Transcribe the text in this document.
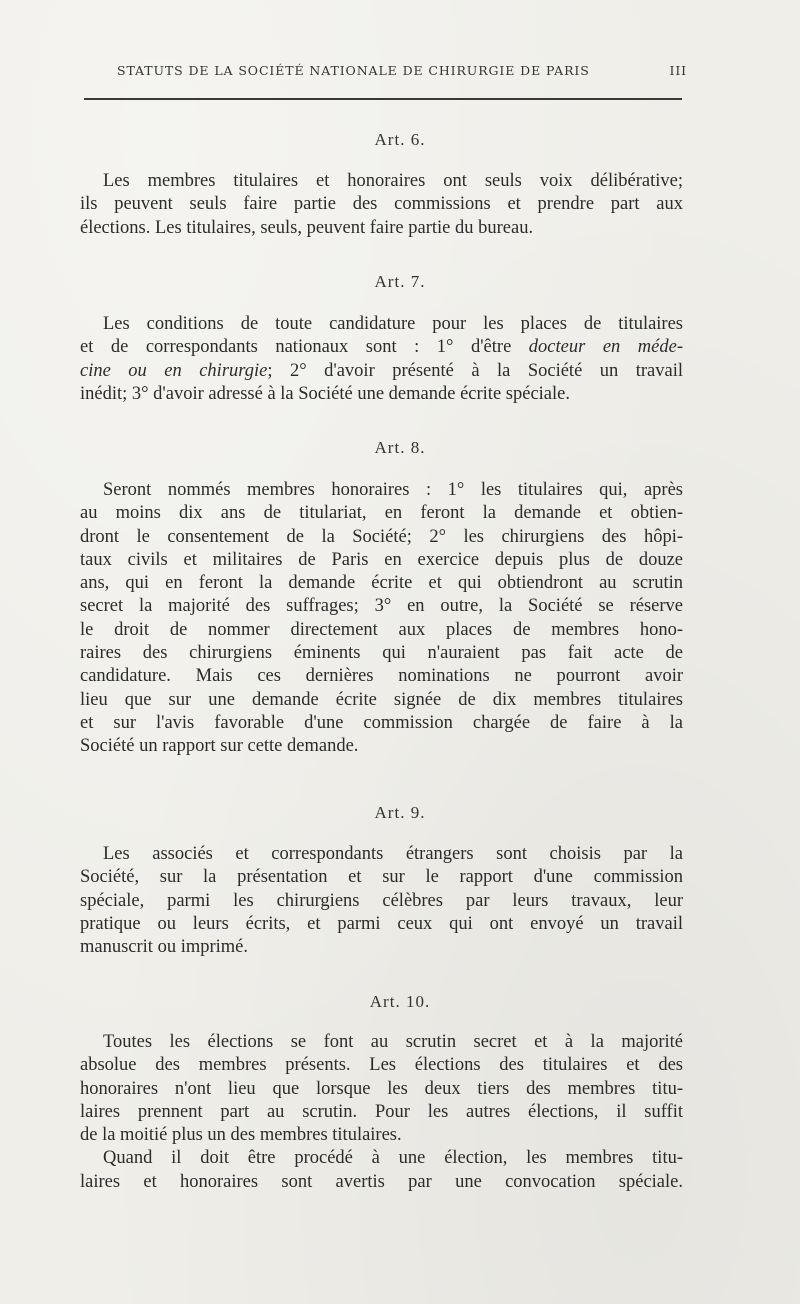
STATUTS DE LA SOCIÉTÉ NATIONALE DE CHIRURGIE DE PARIS	III
Art. 6.
Les membres titulaires et honoraires ont seuls voix délibérative;
ils peuvent seuls faire partie des commissions et prendre part aux
élections. Les titulaires, seuls, peuvent faire partie du bureau.
Art. 7.
Les conditions de toute candidature pour les places de titulaires
et de correspondants nationaux sont : 1° d'être docteur en méde-
cine ou en chirurgie; 2° d'avoir présenté à la Société un travail
inédit; 3° d'avoir adressé à la Société une demande écrite spéciale.
Art. 8.
Seront nommés membres honoraires : 1° les titulaires qui, après
au moins dix ans de titulariat, en feront la demande et obtien-
dront le consentement de la Société; 2° les chirurgiens des hôpi-
taux civils et militaires de Paris en exercice depuis plus de douze
ans, qui en feront la demande écrite et qui obtiendront au scrutin
secret la majorité des suffrages; 3° en outre, la Société se réserve
le droit de nommer directement aux places de membres hono-
raires des chirurgiens éminents qui n'auraient pas fait acte de
candidature. Mais ces dernières nominations ne pourront avoir
lieu que sur une demande écrite signée de dix membres titulaires
et sur l'avis favorable d'une commission chargée de faire à la
Société un rapport sur cette demande.
Art. 9.
Les associés et correspondants étrangers sont choisis par la
Société, sur la présentation et sur le rapport d'une commission
spéciale, parmi les chirurgiens célèbres par leurs travaux, leur
pratique ou leurs écrits, et parmi ceux qui ont envoyé un travail
manuscrit ou imprimé.
Art. 10.
Toutes les élections se font au scrutin secret et à la majorité
absolue des membres présents. Les élections des titulaires et des
honoraires n'ont lieu que lorsque les deux tiers des membres titu-
laires prennent part au scrutin. Pour les autres élections, il suffit
de la moitié plus un des membres titulaires.
Quand il doit être procédé à une élection, les membres titu-
laires et honoraires sont avertis par une convocation spéciale.
